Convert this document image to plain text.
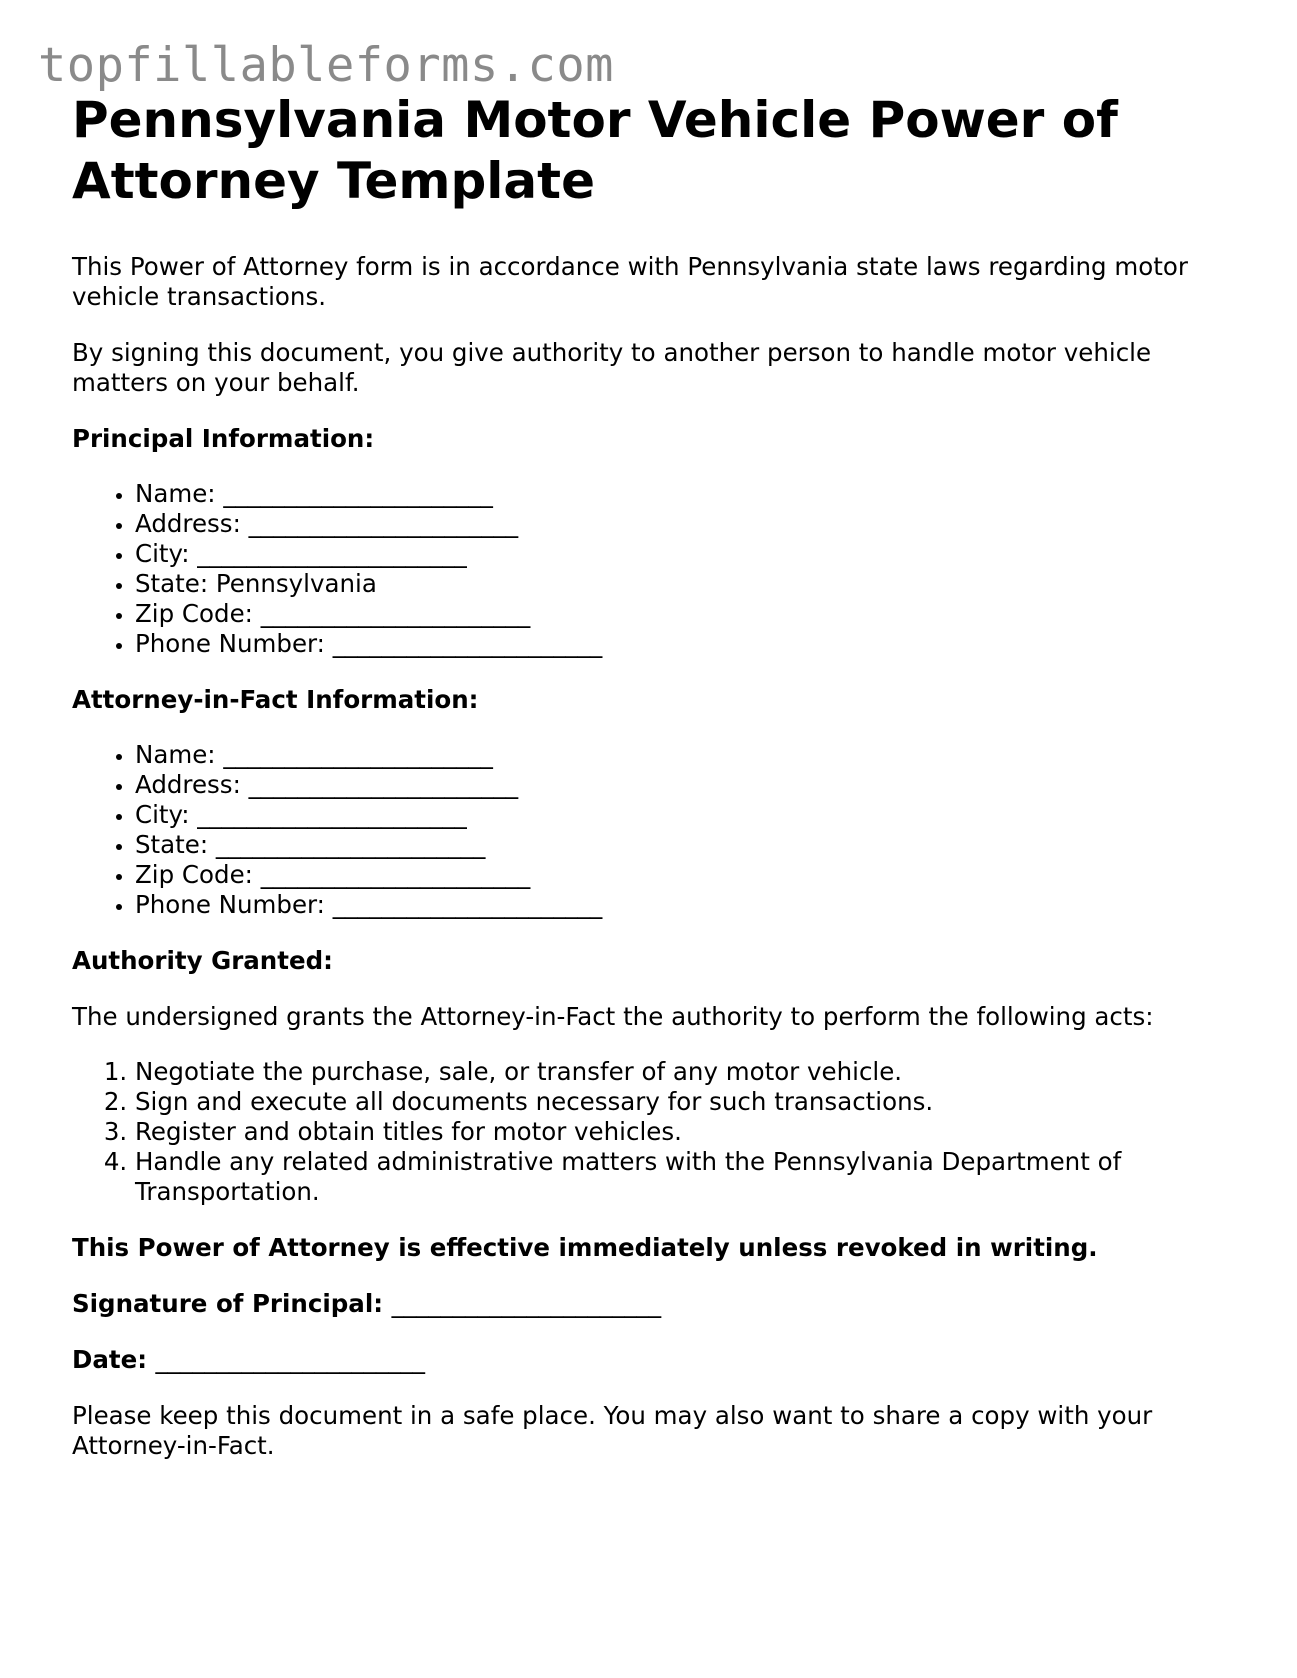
topfillableforms.com
Pennsylvania Motor Vehicle Power of Attorney Template

This Power of Attorney form is in accordance with Pennsylvania state laws regarding motor vehicle transactions.

By signing this document, you give authority to another person to handle motor vehicle matters on your behalf.

Principal Information:

• Name: ______________________
• Address: ______________________
• City: ______________________
• State: Pennsylvania
• Zip Code: ______________________
• Phone Number: ______________________

Attorney-in-Fact Information:

• Name: ______________________
• Address: ______________________
• City: ______________________
• State: ______________________
• Zip Code: ______________________
• Phone Number: ______________________

Authority Granted:

The undersigned grants the Attorney-in-Fact the authority to perform the following acts:

1. Negotiate the purchase, sale, or transfer of any motor vehicle.
2. Sign and execute all documents necessary for such transactions.
3. Register and obtain titles for motor vehicles.
4. Handle any related administrative matters with the Pennsylvania Department of Transportation.

This Power of Attorney is effective immediately unless revoked in writing.

Signature of Principal: ______________________

Date: ______________________

Please keep this document in a safe place. You may also want to share a copy with your Attorney-in-Fact.
